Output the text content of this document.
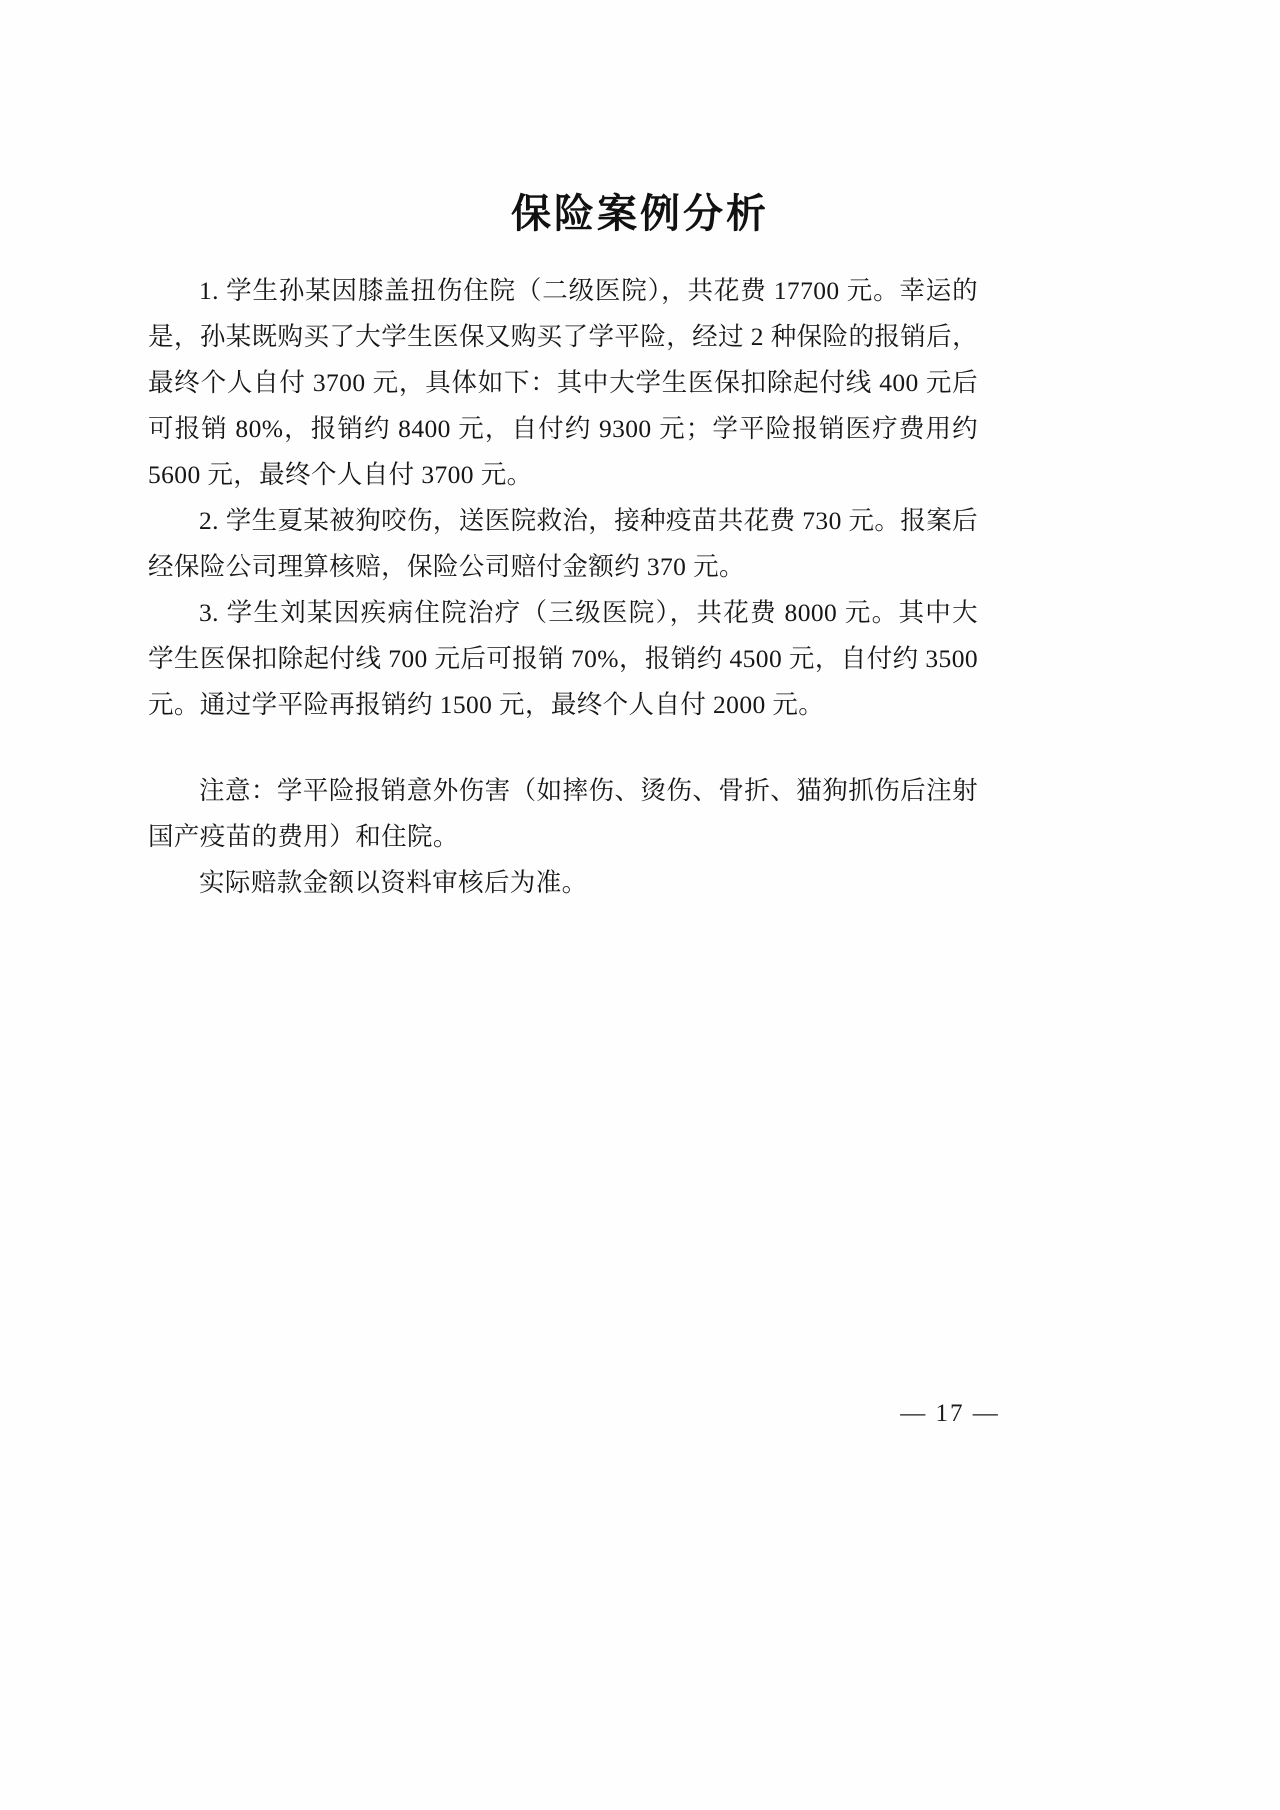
保险案例分析

1. 学生孙某因膝盖扭伤住院（二级医院），共花费 17700 元。幸运的是，孙某既购买了大学生医保又购买了学平险，经过 2 种保险的报销后，最终个人自付 3700 元，具体如下：其中大学生医保扣除起付线 400 元后可报销 80%，报销约 8400 元，自付约 9300 元；学平险报销医疗费用约 5600 元，最终个人自付 3700 元。

2. 学生夏某被狗咬伤，送医院救治，接种疫苗共花费 730 元。报案后经保险公司理算核赔，保险公司赔付金额约 370 元。

3. 学生刘某因疾病住院治疗（三级医院），共花费 8000 元。其中大学生医保扣除起付线 700 元后可报销 70%，报销约 4500 元，自付约 3500 元。通过学平险再报销约 1500 元，最终个人自付 2000 元。

注意：学平险报销意外伤害（如摔伤、烫伤、骨折、猫狗抓伤后注射国产疫苗的费用）和住院。

实际赔款金额以资料审核后为准。

— 17 —
